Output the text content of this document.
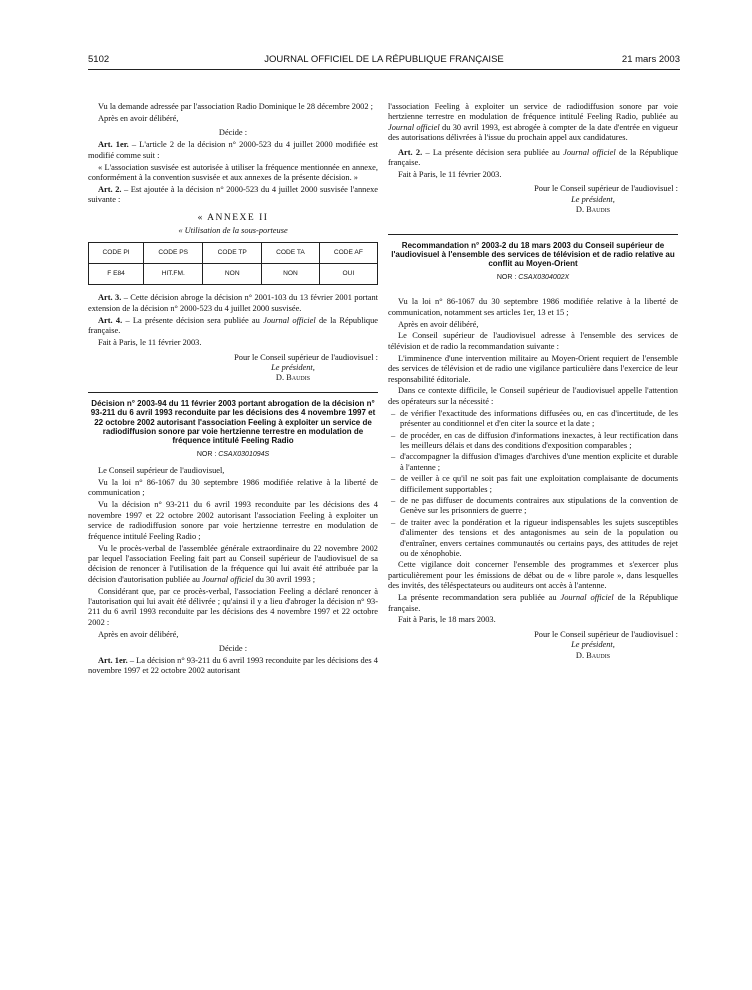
5102	JOURNAL OFFICIEL DE LA RÉPUBLIQUE FRANÇAISE	21 mars 2003

Vu la demande adressée par l'association Radio Dominique le 28 décembre 2002 ;

Après en avoir délibéré,

Décide :

Art. 1er. – L'article 2 de la décision n° 2000-523 du 4 juillet 2000 modifiée est modifié comme suit :

« L'association susvisée est autorisée à utiliser la fréquence mentionnée en annexe, conformément à la convention susvisée et aux annexes de la présente décision. »

Art. 2. – Est ajoutée à la décision n° 2000-523 du 4 juillet 2000 susvisée l'annexe suivante :

« ANNEXE II
« Utilisation de la sous-porteuse
CODE PI	CODE PS	CODE TP	CODE TA	CODE AF
F E84	HIT.FM.	NON	NON	OUI

Art. 3. – Cette décision abroge la décision n° 2001-103 du 13 février 2001 portant extension de la décision n° 2000-523 du 4 juillet 2000 susvisée.

Art. 4. – La présente décision sera publiée au Journal officiel de la République française.

Fait à Paris, le 11 février 2003.

Pour le Conseil supérieur de l'audiovisuel :
Le président,
D. Baudis
Décision n° 2003-94 du 11 février 2003 portant abrogation de la décision n° 93-211 du 6 avril 1993 reconduite par les décisions des 4 novembre 1997 et 22 octobre 2002 autorisant l'association Feeling à exploiter un service de radiodiffusion sonore par voie hertzienne terrestre en modulation de fréquence intitulé Feeling Radio
NOR : CSAX0301094S

Le Conseil supérieur de l'audiovisuel,

Vu la loi n° 86-1067 du 30 septembre 1986 modifiée relative à la liberté de communication ;

Vu la décision n° 93-211 du 6 avril 1993 reconduite par les décisions des 4 novembre 1997 et 22 octobre 2002 autorisant l'association Feeling à exploiter un service de radiodiffusion sonore par voie hertzienne terrestre en modulation de fréquence intitulé Feeling Radio ;

Vu le procès-verbal de l'assemblée générale extraordinaire du 22 novembre 2002 par lequel l'association Feeling fait part au Conseil supérieur de l'audiovisuel de sa décision de renoncer à l'utilisation de la fréquence qui lui avait été attribuée par la décision d'autorisation publiée au Journal officiel du 30 avril 1993 ;

Considérant que, par ce procès-verbal, l'association Feeling a déclaré renoncer à l'autorisation qui lui avait été délivrée ; qu'ainsi il y a lieu d'abroger la décision n° 93-211 du 6 avril 1993 reconduite par les décisions des 4 novembre 1997 et 22 octobre 2002 :

Après en avoir délibéré,

Décide :

Art. 1er. – La décision n° 93-211 du 6 avril 1993 reconduite par les décisions des 4 novembre 1997 et 22 octobre 2002 autorisant

l'association Feeling à exploiter un service de radiodiffusion sonore par voie hertzienne terrestre en modulation de fréquence intitulé Feeling Radio, publiée au Journal officiel du 30 avril 1993, est abrogée à compter de la date d'entrée en vigueur des autorisations délivrées à l'issue du prochain appel aux candidatures.

Art. 2. – La présente décision sera publiée au Journal officiel de la République française.

Fait à Paris, le 11 février 2003.

Pour le Conseil supérieur de l'audiovisuel :
Le président,
D. Baudis
Recommandation n° 2003-2 du 18 mars 2003 du Conseil supérieur de l'audiovisuel à l'ensemble des services de télévision et de radio relative au conflit au Moyen-Orient
NOR : CSAX0304002X

Vu la loi n° 86-1067 du 30 septembre 1986 modifiée relative à la liberté de communication, notamment ses articles 1er, 13 et 15 ;

Après en avoir délibéré,

Le Conseil supérieur de l'audiovisuel adresse à l'ensemble des services de télévision et de radio la recommandation suivante :

L'imminence d'une intervention militaire au Moyen-Orient requiert de l'ensemble des services de télévision et de radio une vigilance particulière dans l'exercice de leur responsabilité éditoriale.

Dans ce contexte difficile, le Conseil supérieur de l'audiovisuel appelle l'attention des opérateurs sur la nécessité :

– de vérifier l'exactitude des informations diffusées ou, en cas d'incertitude, de les présenter au conditionnel et d'en citer la source et la date ;
– de procéder, en cas de diffusion d'informations inexactes, à leur rectification dans les meilleurs délais et dans des conditions d'exposition comparables ;
– d'accompagner la diffusion d'images d'archives d'une mention explicite et durable à l'antenne ;
– de veiller à ce qu'il ne soit pas fait une exploitation complaisante de documents difficilement supportables ;
– de ne pas diffuser de documents contraires aux stipulations de la convention de Genève sur les prisonniers de guerre ;
– de traiter avec la pondération et la rigueur indispensables les sujets susceptibles d'alimenter des tensions et des antagonismes au sein de la population ou d'entraîner, envers certaines communautés ou certains pays, des attitudes de rejet ou de xénophobie.

Cette vigilance doit concerner l'ensemble des programmes et s'exercer plus particulièrement pour les émissions de débat ou de « libre parole », dans lesquelles des invités, des téléspectateurs ou auditeurs ont accès à l'antenne.

La présente recommandation sera publiée au Journal officiel de la République française.

Fait à Paris, le 18 mars 2003.

Pour le Conseil supérieur de l'audiovisuel :
Le président,
D. Baudis
